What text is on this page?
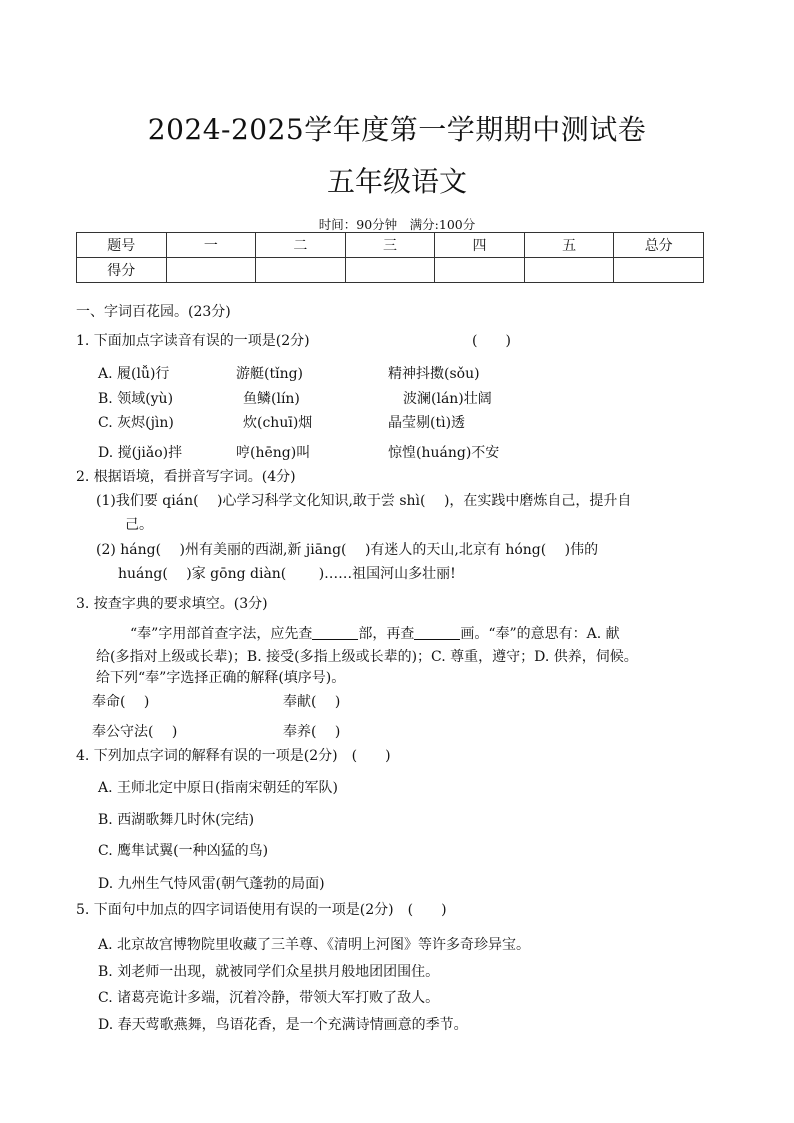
2024-2025学年度第一学期期中测试卷
五年级语文
时间：90分钟　满分:100分
题号	一	二	三	四	五	总分
得分						
一、字词百花园。(23分)
1. 下面加点字读音有误的一项是(2分)	(　　)
A. 履(lǚ)行	游艇(tǐng)	精神抖擞(sǒu)
B. 领域(yù)	鱼鳞(lín)	波澜(lán)壮阔
C. 灰烬(jìn)	炊(chuī)烟	晶莹剔(tì)透
D. 搅(jiǎo)拌	哼(hēng)叫	惊惶(huáng)不安
2. 根据语境，看拼音写字词。(4分)
(1)我们要 qián(　 )心学习科学文化知识,敢于尝 shì(　 )，在实践中磨炼自己，提升自
己。
(2) háng(　 )州有美丽的西湖,新 jiāng(　 )有迷人的天山,北京有 hóng(　 )伟的
huáng(　 )家 gōng diàn(　　 )……祖国河山多壮丽!
3. 按查字典的要求填空。(3分)
“奉”字用部首查字法，应先查	部，再查	画。“奉”的意思有：A. 献
给(多指对上级或长辈)；B. 接受(多指上级或长辈的)；C. 尊重，遵守；D. 供养，伺候。
给下列“奉”字选择正确的解释(填序号)。
奉命(　 )	奉献(　 )
奉公守法(　 )	奉养(　 )
4. 下列加点字词的解释有误的一项是(2分)　(　　)
A. 王师北定中原日(指南宋朝廷的军队)
B. 西湖歌舞几时休(完结)
C. 鹰隼试翼(一种凶猛的鸟)
D. 九州生气恃风雷(朝气蓬勃的局面)
5. 下面句中加点的四字词语使用有误的一项是(2分)　(　　)
A. 北京故宫博物院里收藏了三羊尊、《清明上河图》等许多奇珍异宝。
B. 刘老师一出现，就被同学们众星拱月般地团团围住。
C. 诸葛亮诡计多端，沉着冷静，带领大军打败了敌人。
D. 春天莺歌燕舞，鸟语花香，是一个充满诗情画意的季节。
